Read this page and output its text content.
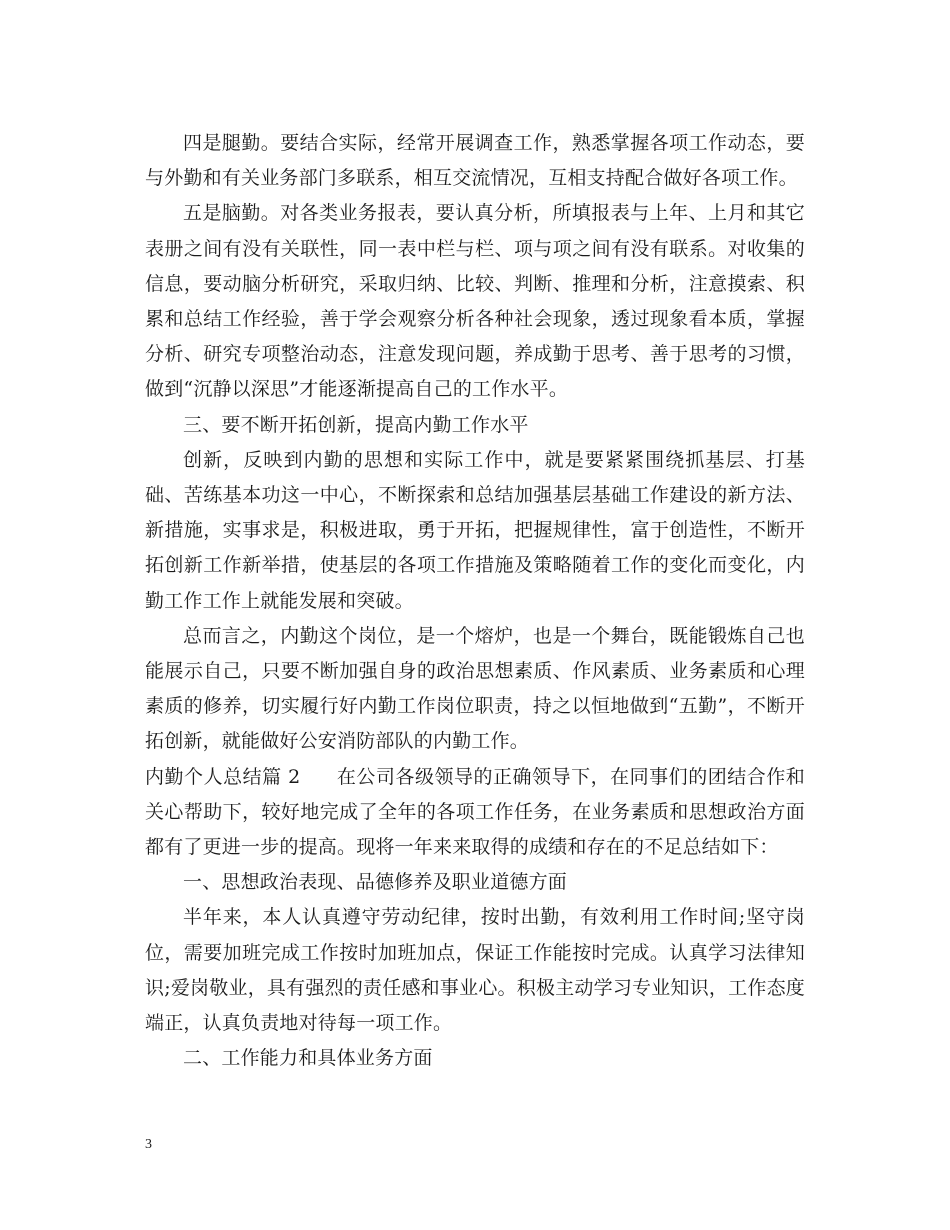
四是腿勤。要结合实际，经常开展调查工作，熟悉掌握各项工作动态，要与外勤和有关业务部门多联系，相互交流情况，互相支持配合做好各项工作。

五是脑勤。对各类业务报表，要认真分析，所填报表与上年、上月和其它表册之间有没有关联性，同一表中栏与栏、项与项之间有没有联系。对收集的信息，要动脑分析研究，采取归纳、比较、判断、推理和分析，注意摸索、积累和总结工作经验，善于学会观察分析各种社会现象，透过现象看本质，掌握分析、研究专项整治动态，注意发现问题，养成勤于思考、善于思考的习惯，做到“沉静以深思”才能逐渐提高自己的工作水平。

三、要不断开拓创新，提高内勤工作水平

创新，反映到内勤的思想和实际工作中，就是要紧紧围绕抓基层、打基础、苦练基本功这一中心，不断探索和总结加强基层基础工作建设的新方法、新措施，实事求是，积极进取，勇于开拓，把握规律性，富于创造性，不断开拓创新工作新举措，使基层的各项工作措施及策略随着工作的变化而变化，内勤工作工作上就能发展和突破。

总而言之，内勤这个岗位，是一个熔炉，也是一个舞台，既能锻炼自己也能展示自己，只要不断加强自身的政治思想素质、作风素质、业务素质和心理素质的修养，切实履行好内勤工作岗位职责，持之以恒地做到“五勤”，不断开拓创新，就能做好公安消防部队的内勤工作。

内勤个人总结篇 2 在公司各级领导的正确领导下，在同事们的团结合作和关心帮助下，较好地完成了全年的各项工作任务，在业务素质和思想政治方面都有了更进一步的提高。现将一年来来取得的成绩和存在的不足总结如下：

一、思想政治表现、品德修养及职业道德方面

半年来，本人认真遵守劳动纪律，按时出勤，有效利用工作时间;坚守岗位，需要加班完成工作按时加班加点，保证工作能按时完成。认真学习法律知识;爱岗敬业，具有强烈的责任感和事业心。积极主动学习专业知识，工作态度端正，认真负责地对待每一项工作。

二、工作能力和具体业务方面

3
